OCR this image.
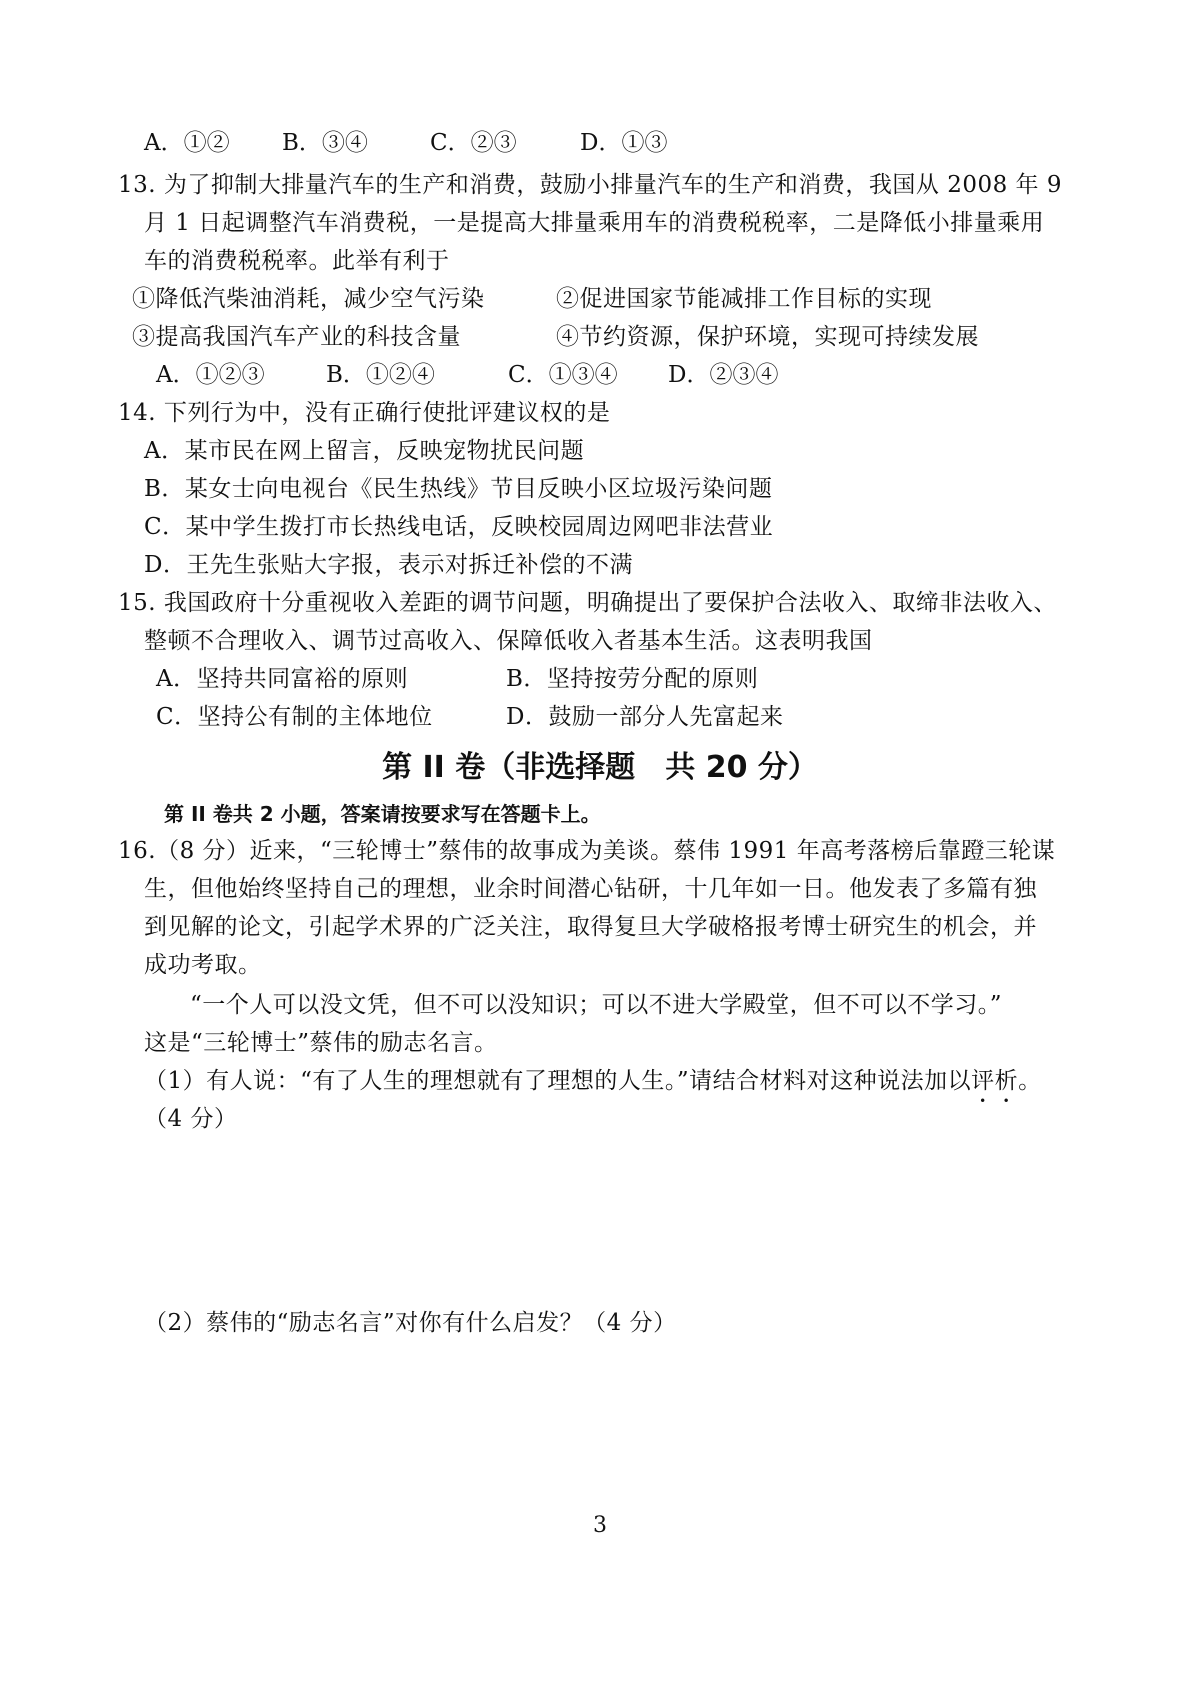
A．①② B．③④	C．②③	D．①③
13. 为了抑制大排量汽车的生产和消费，鼓励小排量汽车的生产和消费，我国从 2008 年 9
月 1 日起调整汽车消费税，一是提高大排量乘用车的消费税税率，二是降低小排量乘用
车的消费税税率。此举有利于
①降低汽柴油消耗，减少空气污染	②促进国家节能减排工作目标的实现
③提高我国汽车产业的科技含量	④节约资源，保护环境，实现可持续发展
A．①②③	B．①②④	C．①③④ D．②③④
14. 下列行为中，没有正确行使批评建议权的是
A．某市民在网上留言，反映宠物扰民问题
B．某女士向电视台《民生热线》节目反映小区垃圾污染问题
C．某中学生拨打市长热线电话，反映校园周边网吧非法营业
D．王先生张贴大字报，表示对拆迁补偿的不满
15. 我国政府十分重视收入差距的调节问题，明确提出了要保护合法收入、取缔非法收入、
整顿不合理收入、调节过高收入、保障低收入者基本生活。这表明我国
A．坚持共同富裕的原则	B．坚持按劳分配的原则
C．坚持公有制的主体地位	D．鼓励一部分人先富起来
第 II 卷（非选择题　共 20 分）
第 II 卷共 2 小题，答案请按要求写在答题卡上。
16.（8 分）近来，“三轮博士”蔡伟的故事成为美谈。蔡伟 1991 年高考落榜后靠蹬三轮谋
生，但他始终坚持自己的理想，业余时间潜心钻研，十几年如一日。他发表了多篇有独
到见解的论文，引起学术界的广泛关注，取得复旦大学破格报考博士研究生的机会，并
成功考取。
“一个人可以没文凭，但不可以没知识；可以不进大学殿堂，但不可以不学习。”
这是“三轮博士”蔡伟的励志名言。
（1）有人说：“有了人生的理想就有了理想的人生。”请结合材料对这种说法加以评析。
（4 分）
（2）蔡伟的“励志名言”对你有什么启发？（4 分）
3
